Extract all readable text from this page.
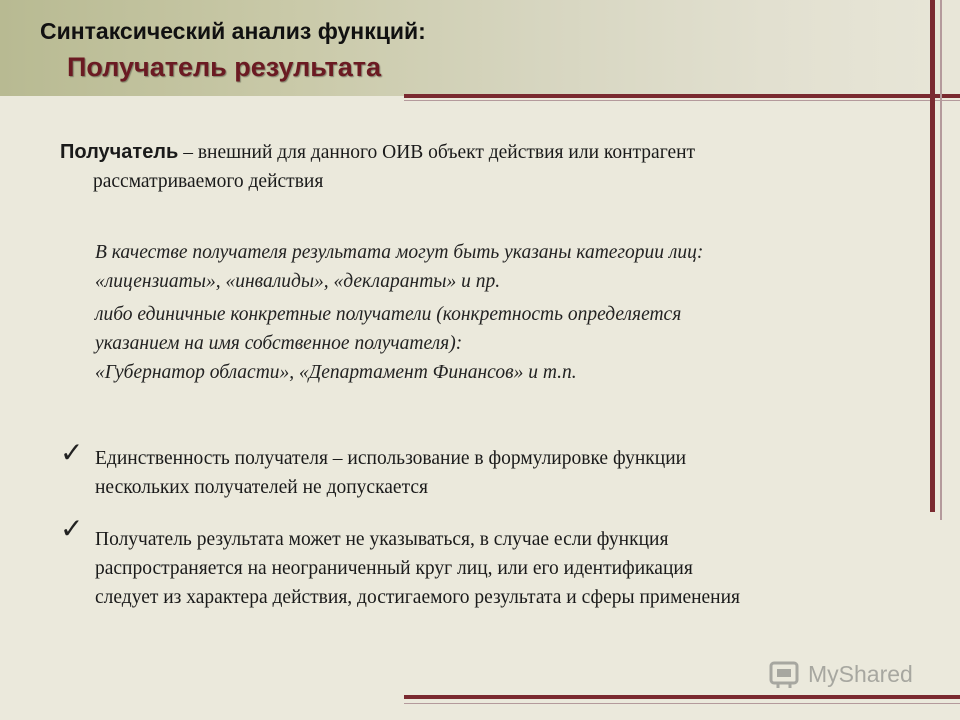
Синтаксический анализ функций:
Получатель результата
Получатель – внешний для данного ОИВ объект действия или контрагент
рассматриваемого действия
В качестве получателя результата могут быть указаны категории лиц:
«лицензиаты», «инвалиды», «декларанты» и пр.
либо единичные конкретные получатели (конкретность определяется
указанием на имя собственное получателя):
«Губернатор области», «Департамент Финансов» и т.п.
✓ Единственность получателя – использование в формулировке функции
нескольких получателей не допускается
✓ Получатель результата может не указываться, в случае если функция
распространяется на неограниченный круг лиц, или его идентификация
следует из характера действия, достигаемого результата и сферы применения
MyShared
